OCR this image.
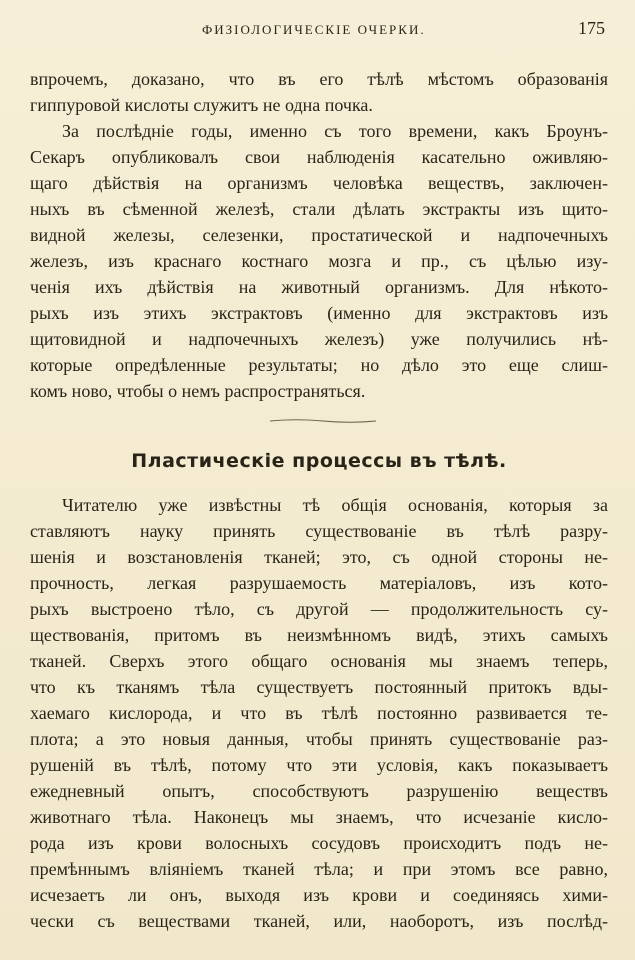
ФИЗІОЛОГИЧЕСКІЕ ОЧЕРКИ.	175
впрочемъ, доказано, что въ его тѣлѣ мѣстомъ образованія
гиппуровой кислоты служитъ не одна почка.
За послѣдніе годы, именно съ того времени, какъ Броунъ-
Секаръ опубликовалъ свои наблюденія касательно оживляю-
щаго дѣйствія на организмъ человѣка веществъ, заключен-
ныхъ въ сѣменной железѣ, стали дѣлать экстракты изъ щито-
видной железы, селезенки, простатической и надпочечныхъ
железъ, изъ краснаго костнаго мозга и пр., съ цѣлью изу-
ченія ихъ дѣйствія на животный организмъ. Для нѣкото-
рыхъ изъ этихъ экстрактовъ (именно для экстрактовъ изъ
щитовидной и надпочечныхъ железъ) уже получились нѣ-
которые опредѣленные результаты; но дѣло это еще слиш-
комъ ново, чтобы о немъ распространяться.
Пластическіе процессы въ тѣлѣ.
Читателю уже извѣстны тѣ общія основанія, которыя за
ставляютъ науку принять существованіе въ тѣлѣ разру-
шенія и возстановленія тканей; это, съ одной стороны не-
прочность, легкая разрушаемость матеріаловъ, изъ кото-
рыхъ выстроено тѣло, съ другой — продолжительность су-
ществованія, притомъ въ неизмѣнномъ видѣ, этихъ самыхъ
тканей. Сверхъ этого общаго основанія мы знаемъ теперь,
что къ тканямъ тѣла существуетъ постоянный притокъ вды-
хаемаго кислорода, и что въ тѣлѣ постоянно развивается те-
плота; а это новыя данныя, чтобы принять существованіе раз-
рушеній въ тѣлѣ, потому что эти условія, какъ показываетъ
ежедневный опытъ, способствуютъ разрушенію веществъ
животнаго тѣла. Наконецъ мы знаемъ, что исчезаніе кисло-
рода изъ крови волосныхъ сосудовъ происходитъ подъ не-
премѣннымъ вліяніемъ тканей тѣла; и при этомъ все равно,
исчезаетъ ли онъ, выходя изъ крови и соединяясь хими-
чески съ веществами тканей, или, наоборотъ, изъ послѣд-
